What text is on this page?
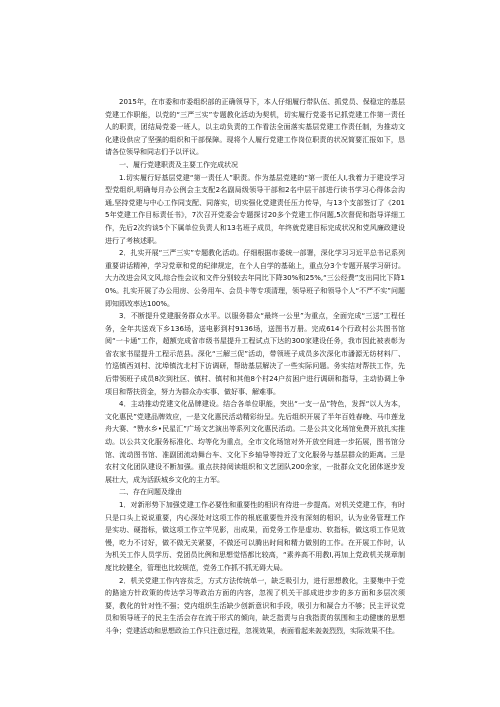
2015年，在市委和市委组织部的正确领导下，本人仔细履行带队伍、抓党员、保稳定的基层党建工作职能，以党的“三严三实”专题教化活动为契机，切实履行党委书记抓党建工作第一责任人的职责，团结局党委一班人，以主动负责的工作看法全面落实基层党建工作责任制，为推动文化建设供应了坚强的组织和干部保障。现将个人履行党建工作岗位职责的状况简要汇报如下，恳请各位领导和同志们予以评议。

一、履行党建职责及主要工作完成状况

1.切实履行好基层党建“第一责任人”职责。作为基层党建的“第一责任人I,我着力于建设学习型党组织,明确每月办公例会主支配2名副局级领导干部和2名中层干部进行读书学习心得体会沟通,坚持党建与中心工作同支配、同落实，切实强化党建责任压力传导，与13个支部签订了《2015年党建工作目标责任书》，7次召开党委会专题探讨20多个党建工作问题,5次督促和指导详细工作，先后2次约谈5个下属单位负责人和13名班子成员，年终就党建目标完成状况和党风廉政建设进行了考核述职。

2．扎实开展“三严三实”专题教化活动。仔细根据市委统一部署，深化学习习近平总书记系列重要讲话精神，学习党章和党的纪律规定，在个人自学的基础上，重点分3个专题开展学习研讨。大力改进会风文风,综合性会议和文件分别较去年同比下降30%和25%,“三公经费”支出同比下降10%。扎实开展了办公用房、公务用车、会员卡等专项清理，领导班子和领导个人“不严不实”问题即知即改率达100%。

3．不断提升党建服务群众水平。以服务群众“最终一公里”为重点，全面完成“三送”工程任务，全年共送戏下乡136场，送电影到村9136场，送图书万册。完成614个行政村公共图书馆阅“一卡通”工作，超额完成省市级书屋提升工程试点下达的300家建设任务，我市因此被表彰为省农家书屋提升工程示范县。深化“三解三促”活动，带领班子成员多次深化市潘源无纺材料厂、竹巡镇西刘村、沈埠镇沈北村下访调研，帮助基层解决了一些实际问题。务实结对帮扶工作，先后带领班子成员8次到杜区、镇村、镇村和其他8个村24户贫困户进行调研和指导，主动协调上争项目和帮扶资金，努力为群众办实事、做好事、解难事。

4．主动推动党建文化品牌建设。结合各单位职能，突出“一支一品”特色，发挥“以人为本，文化惠民”党建品牌效应，一是文化惠民活动精彩纷呈。先后组织开展了半年百姓春晚、马巾莲龙舟大赛、“赞水乡•民星汇”广场文艺演出等系列文化惠民活动。二是公共文化场馆免费开放扎实推动。以公共文化服务标准化、均等化为重点，全市文化场馆对外开放空间进一步拓展，图书馆分馆、流动图书馆、准副团流动舞台车、文化下乡轴导等持近了文化服务与基层群众的距离。三是农村文化团队建设不断加强。重点扶持阅读组织和文艺团队200余家，一批群众文化团体逐步发展壮大，成为活跃城乡文化的主力军。

二、存在问题及缘由

1．对新形势下加强党建工作必要性和重要性的相识有待进一步提高。对机关党建工作，有时只是口头上说说重要，内心深处对这项工作的根底重要性并没有深刻的相识，认为业务管理工作是实功、硬指标，做这项工作立竿见影，出成果，而党务工作是虚功、软指标，做这项工作见效慢，吃力不讨好，做不做无关紧要，不做还可以腾出时间和精力做别的工作。在开展工作时，认为机关工作人员学历、党团员比例和思想觉悟都比较高，“素养高不用教I,再加上党政机关规章制度比较健全，管理也比较规范，党务工作抓不抓无碍大局。

2．机关党建工作内容贫乏，方式方法传统单一，缺乏吸引力，进行思想教化，主要集中于党的路途方针政策的传达学习等政治方面的内容，忽视了机关干部成进步步的多方面和多层次须要，教化的针对性不强；党内组织生活缺少创新意识和手段，吸引力和凝合力不够；民主评议党员和领导班子的民主生活会存在流于形式的倾向，缺乏指责与自我指责的氛围和主动健康的思想斗争；党建活动和思想政治工作只注意过程，忽视效果，表面看起来轰轰烈烈，实际效果不佳。
